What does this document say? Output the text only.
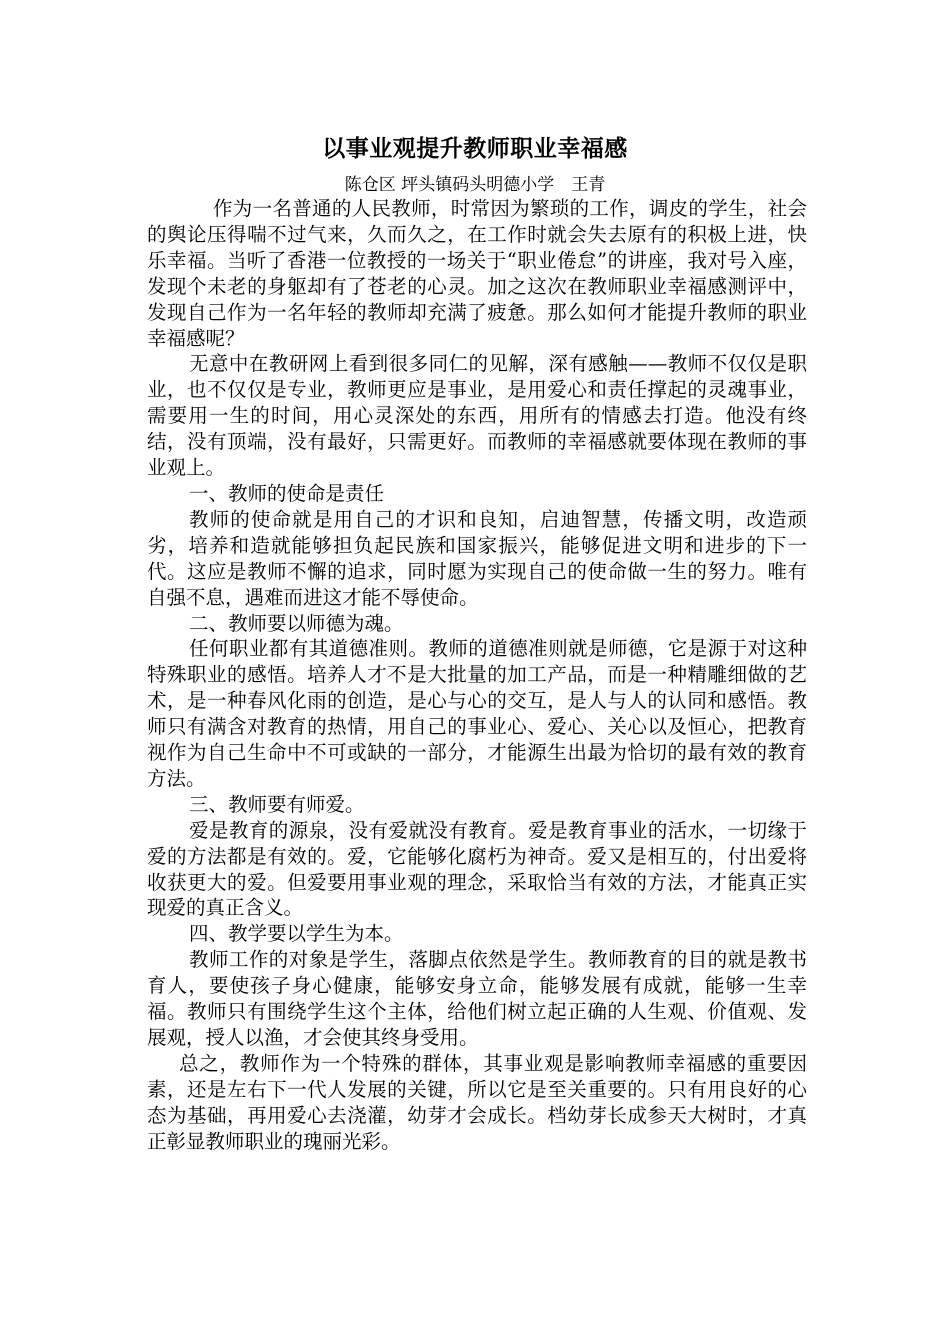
以事业观提升教师职业幸福感
陈仓区 坪头镇码头明德小学　王青

作为一名普通的人民教师，时常因为繁琐的工作，调皮的学生，社会的舆论压得喘不过气来，久而久之，在工作时就会失去原有的积极上进，快乐幸福。当听了香港一位教授的一场关于“职业倦怠”的讲座，我对号入座，发现个未老的身躯却有了苍老的心灵。加之这次在教师职业幸福感测评中，发现自己作为一名年轻的教师却充满了疲惫。那么如何才能提升教师的职业幸福感呢？

无意中在教研网上看到很多同仁的见解，深有感触——教师不仅仅是职业，也不仅仅是专业，教师更应是事业，是用爱心和责任撑起的灵魂事业，需要用一生的时间，用心灵深处的东西，用所有的情感去打造。他没有终结，没有顶端，没有最好，只需更好。而教师的幸福感就要体现在教师的事业观上。

一、教师的使命是责任

教师的使命就是用自己的才识和良知，启迪智慧，传播文明，改造顽劣，培养和造就能够担负起民族和国家振兴，能够促进文明和进步的下一代。这应是教师不懈的追求，同时愿为实现自己的使命做一生的努力。唯有自强不息，遇难而进这才能不辱使命。

二、教师要以师德为魂。

任何职业都有其道德准则。教师的道德准则就是师德，它是源于对这种特殊职业的感悟。培养人才不是大批量的加工产品，而是一种精雕细做的艺术，是一种春风化雨的创造，是心与心的交互，是人与人的认同和感悟。教师只有满含对教育的热情，用自己的事业心、爱心、关心以及恒心，把教育视作为自己生命中不可或缺的一部分，才能源生出最为恰切的最有效的教育方法。

三、教师要有师爱。

爱是教育的源泉，没有爱就没有教育。爱是教育事业的活水，一切缘于爱的方法都是有效的。爱，它能够化腐朽为神奇。爱又是相互的，付出爱将收获更大的爱。但爱要用事业观的理念，采取恰当有效的方法，才能真正实现爱的真正含义。

四、教学要以学生为本。

教师工作的对象是学生，落脚点依然是学生。教师教育的目的就是教书育人，要使孩子身心健康，能够安身立命，能够发展有成就，能够一生幸福。教师只有围绕学生这个主体，给他们树立起正确的人生观、价值观、发展观，授人以渔，才会使其终身受用。

总之，教师作为一个特殊的群体，其事业观是影响教师幸福感的重要因素，还是左右下一代人发展的关键，所以它是至关重要的。只有用良好的心态为基础，再用爱心去浇灌，幼芽才会成长。档幼芽长成参天大树时，才真正彰显教师职业的瑰丽光彩。
